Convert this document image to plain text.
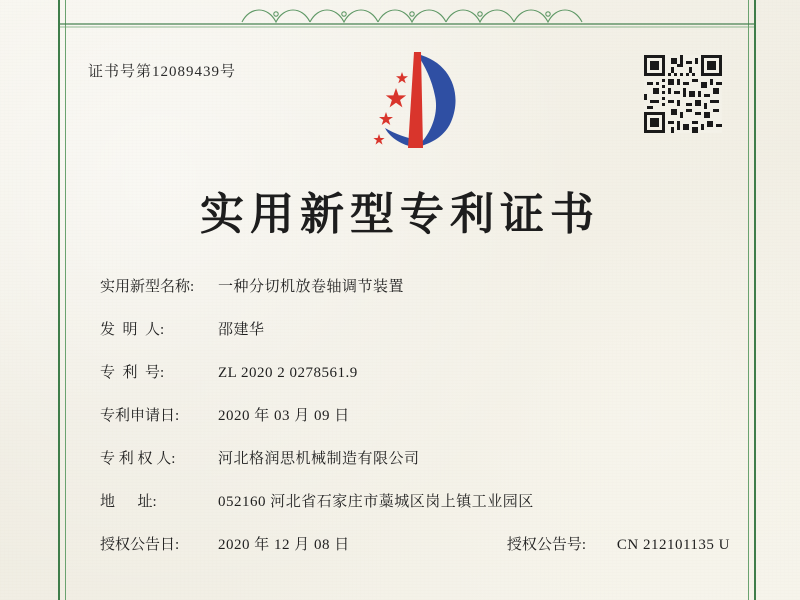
证书号第12089439号
实用新型专利证书
实用新型名称:	一种分切机放卷轴调节装置
发  明  人:	邵建华
专  利  号:	ZL 2020 2 0278561.9
专利申请日:	2020 年 03 月 09 日
专 利 权 人:	河北格润思机械制造有限公司
地      址:	052160 河北省石家庄市藁城区岗上镇工业园区
授权公告日:	2020 年 12 月 08 日	授权公告号:	CN 212101135 U
